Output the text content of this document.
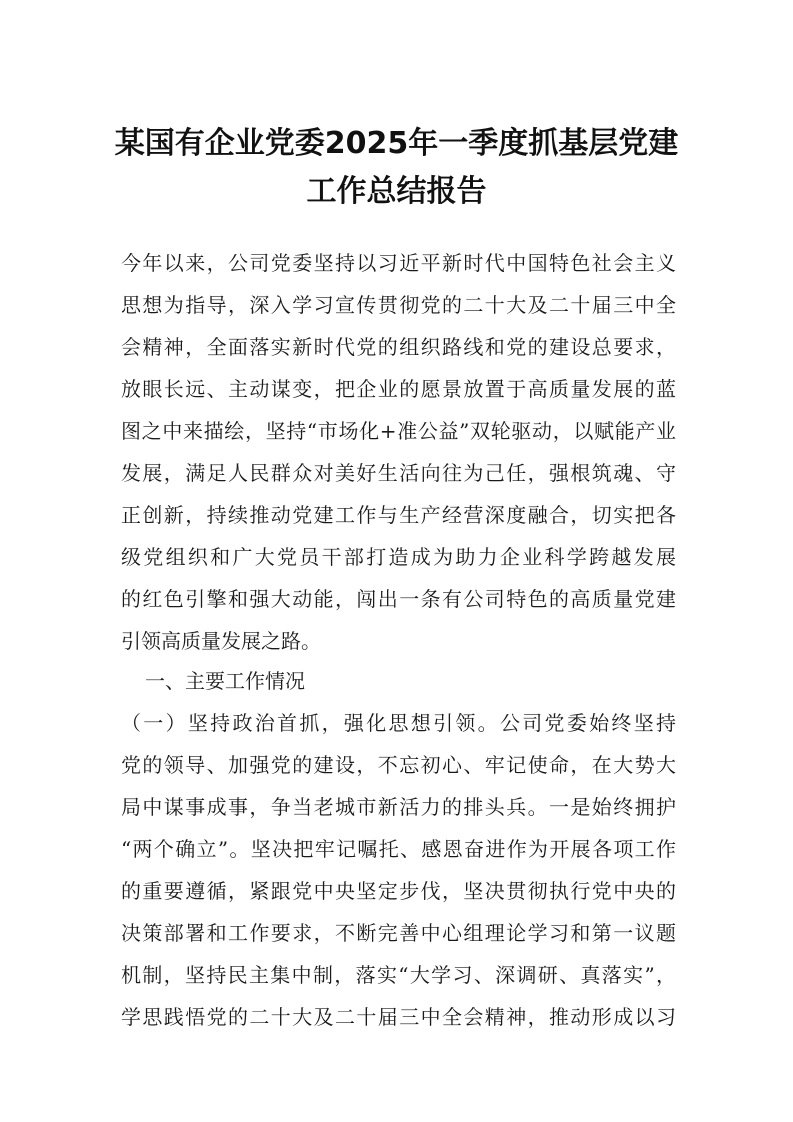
某国有企业党委2025年一季度抓基层党建
工作总结报告
今年以来，公司党委坚持以习近平新时代中国特色社会主义
思想为指导，深入学习宣传贯彻党的二十大及二十届三中全
会精神，全面落实新时代党的组织路线和党的建设总要求，
放眼长远、主动谋变，把企业的愿景放置于高质量发展的蓝
图之中来描绘，坚持“市场化+准公益”双轮驱动，以赋能产业
发展，满足人民群众对美好生活向往为己任，强根筑魂、守
正创新，持续推动党建工作与生产经营深度融合，切实把各
级党组织和广大党员干部打造成为助力企业科学跨越发展
的红色引擎和强大动能，闯出一条有公司特色的高质量党建
引领高质量发展之路。
一、主要工作情况
（一）坚持政治首抓，强化思想引领。公司党委始终坚持
党的领导、加强党的建设，不忘初心、牢记使命，在大势大
局中谋事成事，争当老城市新活力的排头兵。一是始终拥护
“两个确立”。坚决把牢记嘱托、感恩奋进作为开展各项工作
的重要遵循，紧跟党中央坚定步伐，坚决贯彻执行党中央的
决策部署和工作要求，不断完善中心组理论学习和第一议题
机制，坚持民主集中制，落实“大学习、深调研、真落实”，
学思践悟党的二十大及二十届三中全会精神，推动形成以习
